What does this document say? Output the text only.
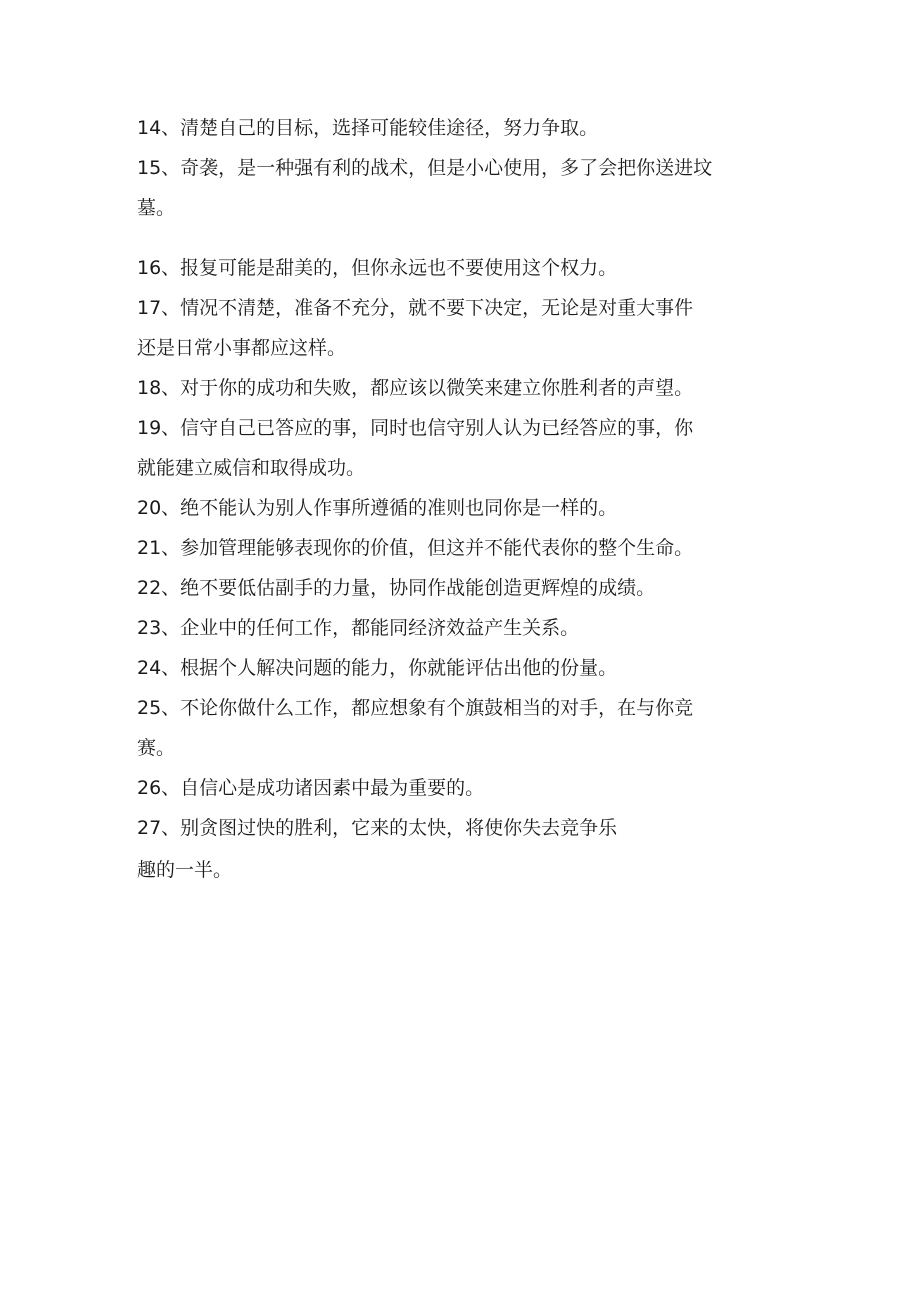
14、清楚自己的目标，选择可能较佳途径，努力争取。
15、奇袭，是一种强有利的战术，但是小心使用，多了会把你送进坟
墓。
16、报复可能是甜美的，但你永远也不要使用这个权力。
17、情况不清楚，准备不充分，就不要下决定，无论是对重大事件
还是日常小事都应这样。
18、对于你的成功和失败，都应该以微笑来建立你胜利者的声望。
19、信守自己已答应的事，同时也信守别人认为已经答应的事，你
就能建立威信和取得成功。
20、绝不能认为别人作事所遵循的准则也同你是一样的。
21、参加管理能够表现你的价值，但这并不能代表你的整个生命。
22、绝不要低估副手的力量，协同作战能创造更辉煌的成绩。
23、企业中的任何工作，都能同经济效益产生关系。
24、根据个人解决问题的能力，你就能评估出他的份量。
25、不论你做什么工作，都应想象有个旗鼓相当的对手，在与你竞
赛。
26、自信心是成功诸因素中最为重要的。
27、别贪图过快的胜利，它来的太快，将使你失去竞争乐
趣的一半。
